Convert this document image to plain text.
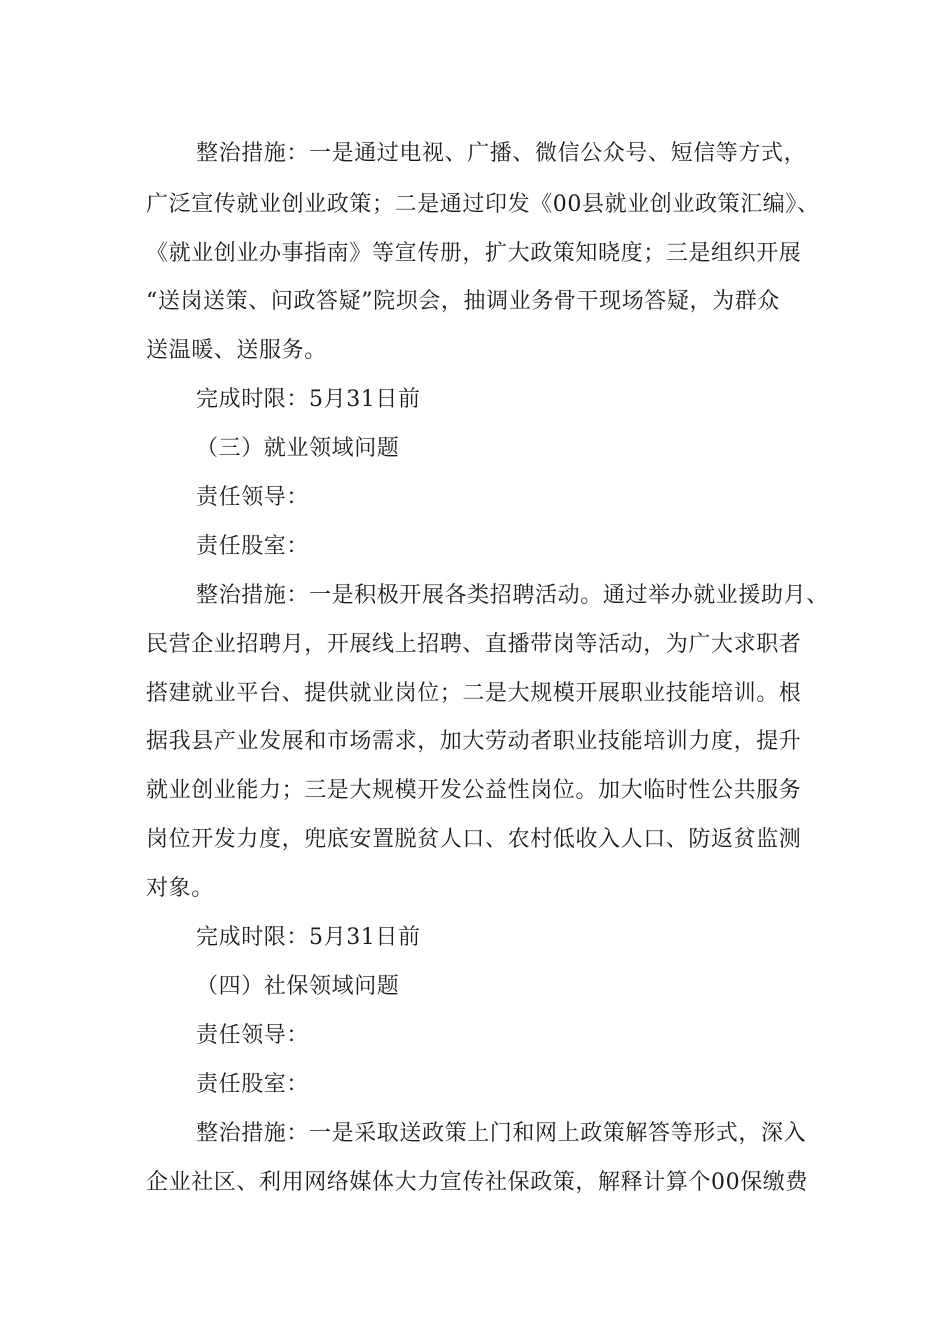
整治措施：一是通过电视、广播、微信公众号、短信等方式，
广泛宣传就业创业政策；二是通过印发《00县就业创业政策汇编》、
《就业创业办事指南》等宣传册，扩大政策知晓度；三是组织开展
“送岗送策、问政答疑”院坝会，抽调业务骨干现场答疑，为群众
送温暖、送服务。
完成时限：5月31日前
（三）就业领域问题
责任领导：
责任股室：
整治措施：一是积极开展各类招聘活动。通过举办就业援助月、
民营企业招聘月，开展线上招聘、直播带岗等活动，为广大求职者
搭建就业平台、提供就业岗位；二是大规模开展职业技能培训。根
据我县产业发展和市场需求，加大劳动者职业技能培训力度，提升
就业创业能力；三是大规模开发公益性岗位。加大临时性公共服务
岗位开发力度，兜底安置脱贫人口、农村低收入人口、防返贫监测
对象。
完成时限：5月31日前
（四）社保领域问题
责任领导：
责任股室：
整治措施：一是采取送政策上门和网上政策解答等形式，深入
企业社区、利用网络媒体大力宣传社保政策，解释计算个00保缴费
